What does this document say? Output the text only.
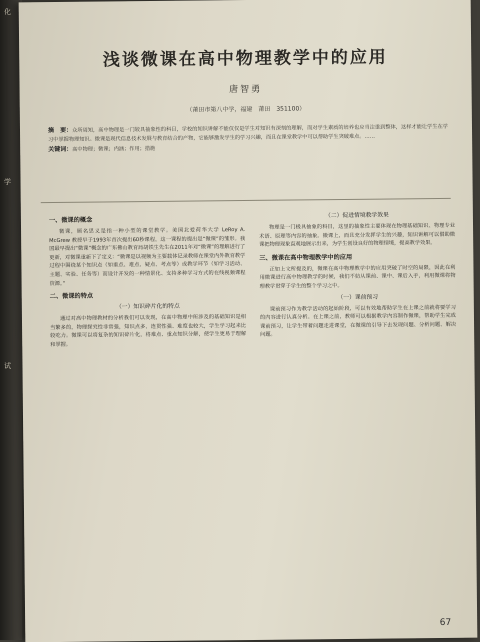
化
学
试
浅谈微课在高中物理教学中的应用
唐智勇
（莆田市第八中学，福建　莆田　351100）
摘　要：众所周知，高中物理是一门较具抽象性的科目，学校的知识讲解不能仅仅是学生对知识有深刻的理解，而对学生素质的培养也应当注重到整体，这样才能让学生在学习中掌握物理知识。微课是现代信息技术发展与教育结合的产物，它能够激发学生的学习兴趣，而且在课堂教学中可以帮助学生突破难点。……
关键词：高中物理；微课；内涵；作用；措施
一、微课的概念

微课，顾名思义是指一种小型的课堂教学。美国北爱荷华大学 LeRoy A. McGrew 教授早于1993年首次提出60秒课程，这一课程的提出是“微课”的雏形。我国最早提出“微课”概念的广东佛山教育局胡铁生先生在2011年对“微课”的理解进行了更新，对微课重新下了定义：“微课是以视频为主要载体记录教师在课堂内外教育教学过程中围绕某个知识点（如重点、难点、疑点、考点等）或教学环节（如学习活动、主题、实验、任务等）而设计开发的一种情景化、支持多种学习方式的在线视频课程资源。”

二、微课的特点
（一）知识碎片化的特点

通过对高中物理教材的分析我们可以发现，在高中物理中所涉及的基础知识是相当繁多的，物理探究性非常强，知识点多、连贯性强、难度也较大，学生学习起来比较吃力。微课可以将复杂的知识碎片化，将难点、重点知识分解，使学生更易于理解和掌握。

（二）促进情境教学效果

物理是一门极具抽象的科目，这里的抽象性主要体现在物理基础知识、物理专业术语、原理等内容的抽象。微课上，而且充分发挥学生的兴趣，知识讲解可以借助微课把物理现象直观地展示出来，为学生创设良好的物理情境，提高教学效果。

三、微课在高中物理教学中的应用

正如上文所提及的，微课在高中物理教学中的应用突破了时空的局限，因此在利用微课进行高中物理教学的时候，我们不妨从课前、课中、课后入手，利用微课将物理教学贯穿于学生的整个学习之中。

（一）课前预习

课前预习作为教学活动的起始阶段，可以有效地帮助学生在上课之前就将要学习的内容进行认真分析。在上课之前，教师可以根据教学内容制作微课，帮助学生完成课前预习，让学生带着问题走进课堂，在微课的引导下去发现问题、分析问题、解决问题。

67
